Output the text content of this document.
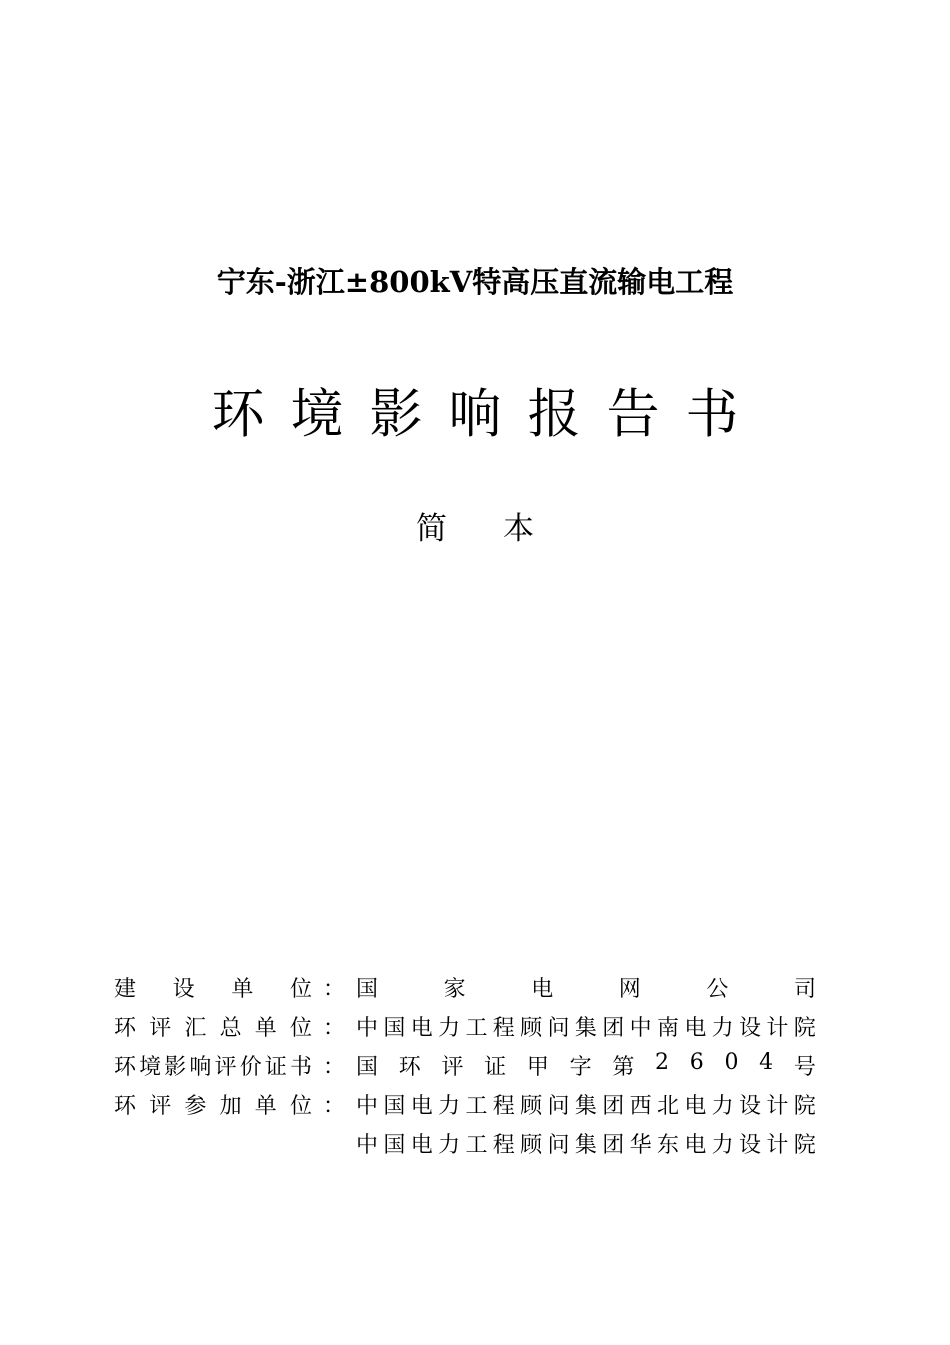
宁东-浙江±800kV特高压直流输电工程
环境影响报告书
简本
建 设 单 位 ： 国	家	电	网	公	司
环 评 汇 总 单 位 ： 中 国 电 力 工 程 顾 问 集 团 中 南 电 力 设 计 院
环 境 影 响 评 价 证 书 ： 国 环 评 证 甲 字 第 2 6 0 4 号
环 评 参 加 单 位 ： 中 国 电 力 工 程 顾 问 集 团 西 北 电 力 设 计 院
中 国 电 力 工 程 顾 问 集 团 华 东 电 力 设 计 院
